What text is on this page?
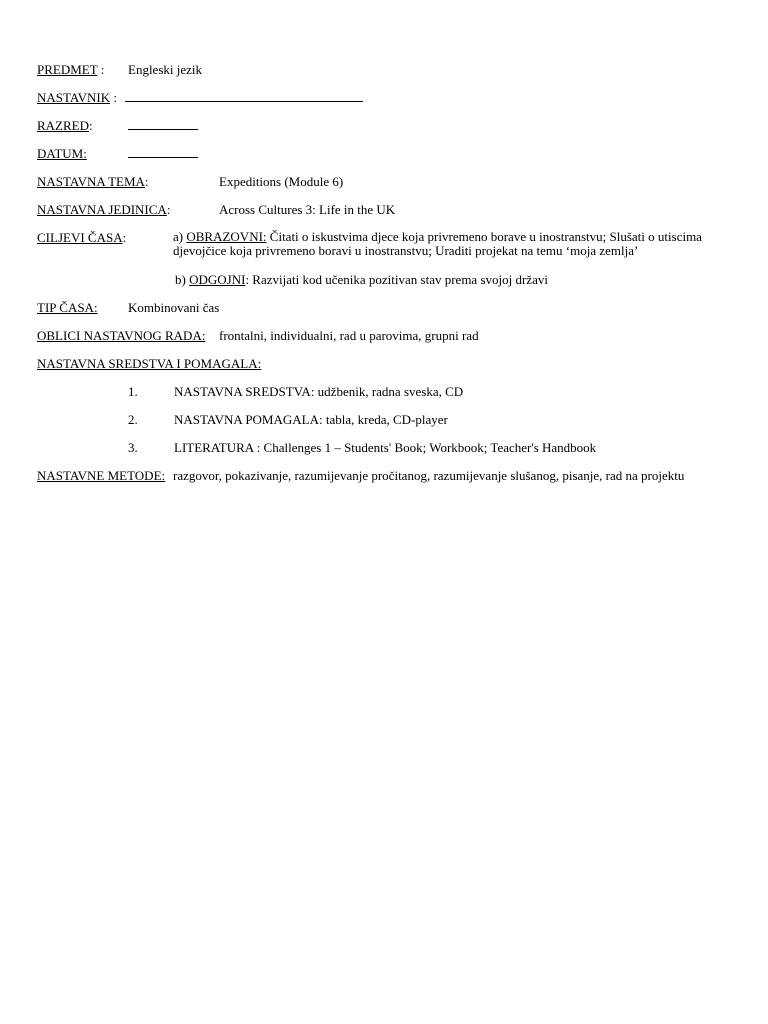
PREDMET : Engleski jezik
NASTAVNIK :
RAZRED:
DATUM:
NASTAVNA TEMA:	Expeditions (Module 6)
NASTAVNA JEDINICA:	Across Cultures 3: Life in the UK
CILJEVI ČASA:	a) OBRAZOVNI: Čitati o iskustvima djece koja privremeno borave u inostranstvu; Slušati o utiscima djevojčice koja privremeno boravi u inostranstvu; Uraditi projekat na temu ‘moja zemlja’
b) ODGOJNI: Razvijati kod učenika pozitivan stav prema svojoj državi
TIP ČASA: Kombinovani čas
OBLICI NASTAVNOG RADA: frontalni, individualni, rad u parovima, grupni rad
NASTAVNA SREDSTVA I POMAGALA:
1.	NASTAVNA SREDSTVA: udžbenik, radna sveska, CD
2.	NASTAVNA POMAGALA: tabla, kreda, CD-player
3.	LITERATURA : Challenges 1 – Students' Book; Workbook; Teacher's Handbook
NASTAVNE METODE: razgovor, pokazivanje, razumijevanje pročitanog, razumijevanje slušanog, pisanje, rad na projektu
